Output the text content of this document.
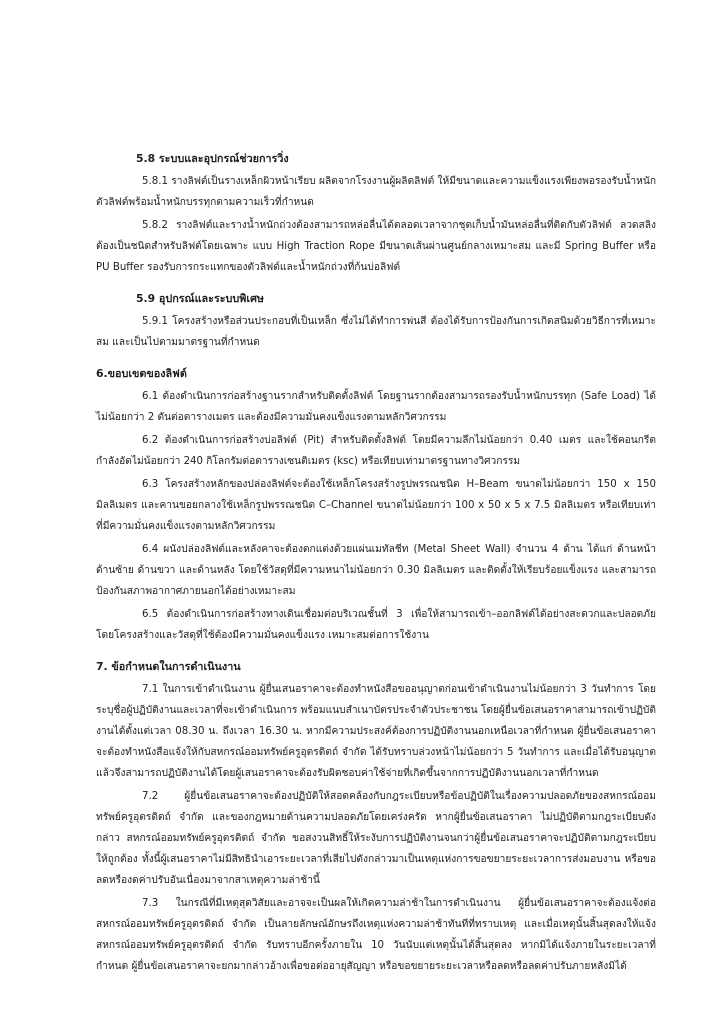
5.8 ระบบและอุปกรณ์ช่วยการวิ่ง

5.8.1 รางลิฟต์เป็นรางเหล็กผิวหน้าเรียบ ผลิตจากโรงงานผู้ผลิตลิฟต์ ให้มีขนาดและความแข็งแรงเพียงพอรองรับน้ำหนักตัวลิฟต์พร้อมน้ำหนักบรรทุกตามความเร็วที่กำหนด

5.8.2 รางลิฟต์และรางน้ำหนักถ่วงต้องสามารถหล่อลื่นได้ตลอดเวลาจากชุดเก็บน้ำมันหล่อลื่นที่ติดกับตัวลิฟต์ ลวดสลิงต้องเป็นชนิดสำหรับลิฟต์โดยเฉพาะ แบบ High Traction Rope มีขนาดเส้นผ่านศูนย์กลางเหมาะสม และมี Spring Buffer หรือ PU Buffer รองรับการกระแทกของตัวลิฟต์และน้ำหนักถ่วงที่ก้นบ่อลิฟต์

5.9 อุปกรณ์และระบบพิเศษ

5.9.1 โครงสร้างหรือส่วนประกอบที่เป็นเหล็ก ซึ่งไม่ได้ทำการพ่นสี ต้องได้รับการป้องกันการเกิดสนิมด้วยวิธีการที่เหมาะสม และเป็นไปตามมาตรฐานที่กำหนด

6.ขอบเขตของลิฟต์

6.1 ต้องดำเนินการก่อสร้างฐานรากสำหรับติดตั้งลิฟต์ โดยฐานรากต้องสามารถรองรับน้ำหนักบรรทุก (Safe Load) ได้ไม่น้อยกว่า 2 ตันต่อตารางเมตร และต้องมีความมั่นคงแข็งแรงตามหลักวิศวกรรม

6.2 ต้องดำเนินการก่อสร้างบ่อลิฟต์ (Pit) สำหรับติดตั้งลิฟต์ โดยมีความลึกไม่น้อยกว่า 0.40 เมตร และใช้คอนกรีตกำลังอัดไม่น้อยกว่า 240 กิโลกรัมต่อตารางเซนติเมตร (ksc) หรือเทียบเท่ามาตรฐานทางวิศวกรรม

6.3 โครงสร้างหลักของปล่องลิฟต์จะต้องใช้เหล็กโครงสร้างรูปพรรณชนิด H–Beam ขนาดไม่น้อยกว่า 150 x 150 มิลลิเมตร และคานขอยกลางใช้เหล็กรูปพรรณชนิด C–Channel ขนาดไม่น้อยกว่า 100 x 50 x 5 x 7.5 มิลลิเมตร หรือเทียบเท่าที่มีความมั่นคงแข็งแรงตามหลักวิศวกรรม

6.4 ผนังปล่องลิฟต์และหลังคาจะต้องตกแต่งด้วยแผ่นเมทัลชีท (Metal Sheet Wall) จำนวน 4 ด้าน ได้แก่ ด้านหน้า ด้านซ้าย ด้านขวา และด้านหลัง โดยใช้วัสดุที่มีความหนาไม่น้อยกว่า 0.30 มิลลิเมตร และติดตั้งให้เรียบร้อยแข็งแรง และสามารถป้องกันสภาพอากาศภายนอกได้อย่างเหมาะสม

6.5 ต้องดำเนินการก่อสร้างทางเดินเชื่อมต่อบริเวณชั้นที่ 3 เพื่อให้สามารถเข้า–ออกลิฟต์ได้อย่างสะดวกและปลอดภัย โดยโครงสร้างและวัสดุที่ใช้ต้องมีความมั่นคงแข็งแรง เหมาะสมต่อการใช้งาน

7. ข้อกำหนดในการดำเนินงาน

7.1 ในการเข้าดำเนินงาน ผู้ยื่นเสนอราคาจะต้องทำหนังสือขออนุญาตก่อนเข้าดำเนินงานไม่น้อยกว่า 3 วันทำการ โดยระบุชื่อผู้ปฏิบัติงานและเวลาที่จะเข้าดำเนินการ พร้อมแนบสำเนาบัตรประจำตัวประชาชน โดยผู้ยื่นข้อเสนอราคาสามารถเข้าปฏิบัติงานได้ตั้งแต่เวลา 08.30 น. ถึงเวลา 16.30 น. หากมีความประสงค์ต้องการปฏิบัติงานนอกเหนือเวลาที่กำหนด ผู้ยื่นข้อเสนอราคาจะต้องทำหนังสือแจ้งให้กับสหกรณ์ออมทรัพย์ครูอุตรดิตถ์ จำกัด ได้รับทราบล่วงหน้าไม่น้อยกว่า 5 วันทำการ และเมื่อได้รับอนุญาตแล้วจึงสามารถปฏิบัติงานได้โดยผู้เสนอราคาจะต้องรับผิดชอบค่าใช้จ่ายที่เกิดขึ้นจากการปฏิบัติงานนอกเวลาที่กำหนด

7.2 ผู้ยื่นข้อเสนอราคาจะต้องปฏิบัติให้สอดคล้องกับกฎระเบียบหรือข้อปฏิบัติในเรื่องความปลอดภัยของสหกรณ์ออมทรัพย์ครูอุตรดิตถ์ จำกัด และของกฎหมายด้านความปลอดภัยโดยเคร่งครัด หากผู้ยื่นข้อเสนอราคา ไม่ปฏิบัติตามกฎระเบียบดังกล่าว สหกรณ์ออมทรัพย์ครูอุตรดิตถ์ จำกัด ขอสงวนสิทธิ์ให้ระงับการปฏิบัติงานจนกว่าผู้ยื่นข้อเสนอราคาจะปฏิบัติตามกฎระเบียบให้ถูกต้อง ทั้งนี้ผู้เสนอราคาไม่มีสิทธินำเอาระยะเวลาที่เสียไปดังกล่าวมาเป็นเหตุแห่งการขอขยายระยะเวลาการส่งมอบงาน หรือขอลดหรืองดค่าปรับอันเนื่องมาจากสาเหตุความล่าช้านี้

7.3 ในกรณีที่มีเหตุสุดวิสัยและอาจจะเป็นผลให้เกิดความล่าช้าในการดำเนินงาน ผู้ยื่นข้อเสนอราคาจะต้องแจ้งต่อสหกรณ์ออมทรัพย์ครูอุตรดิตถ์ จำกัด เป็นลายลักษณ์อักษรถึงเหตุแห่งความล่าช้าทันทีที่ทราบเหตุ และเมื่อเหตุนั้นสิ้นสุดลงให้แจ้งสหกรณ์ออมทรัพย์ครูอุตรดิตถ์ จำกัด รับทราบอีกครั้งภายใน 10 วันนับแต่เหตุนั้นได้สิ้นสุดลง หากมิได้แจ้งภายในระยะเวลาที่กำหนด ผู้ยื่นข้อเสนอราคาจะยกมากล่าวอ้างเพื่อขอต่ออายุสัญญา หรือขอขยายระยะเวลาหรือลดหรือลดค่าปรับภายหลังมิได้
